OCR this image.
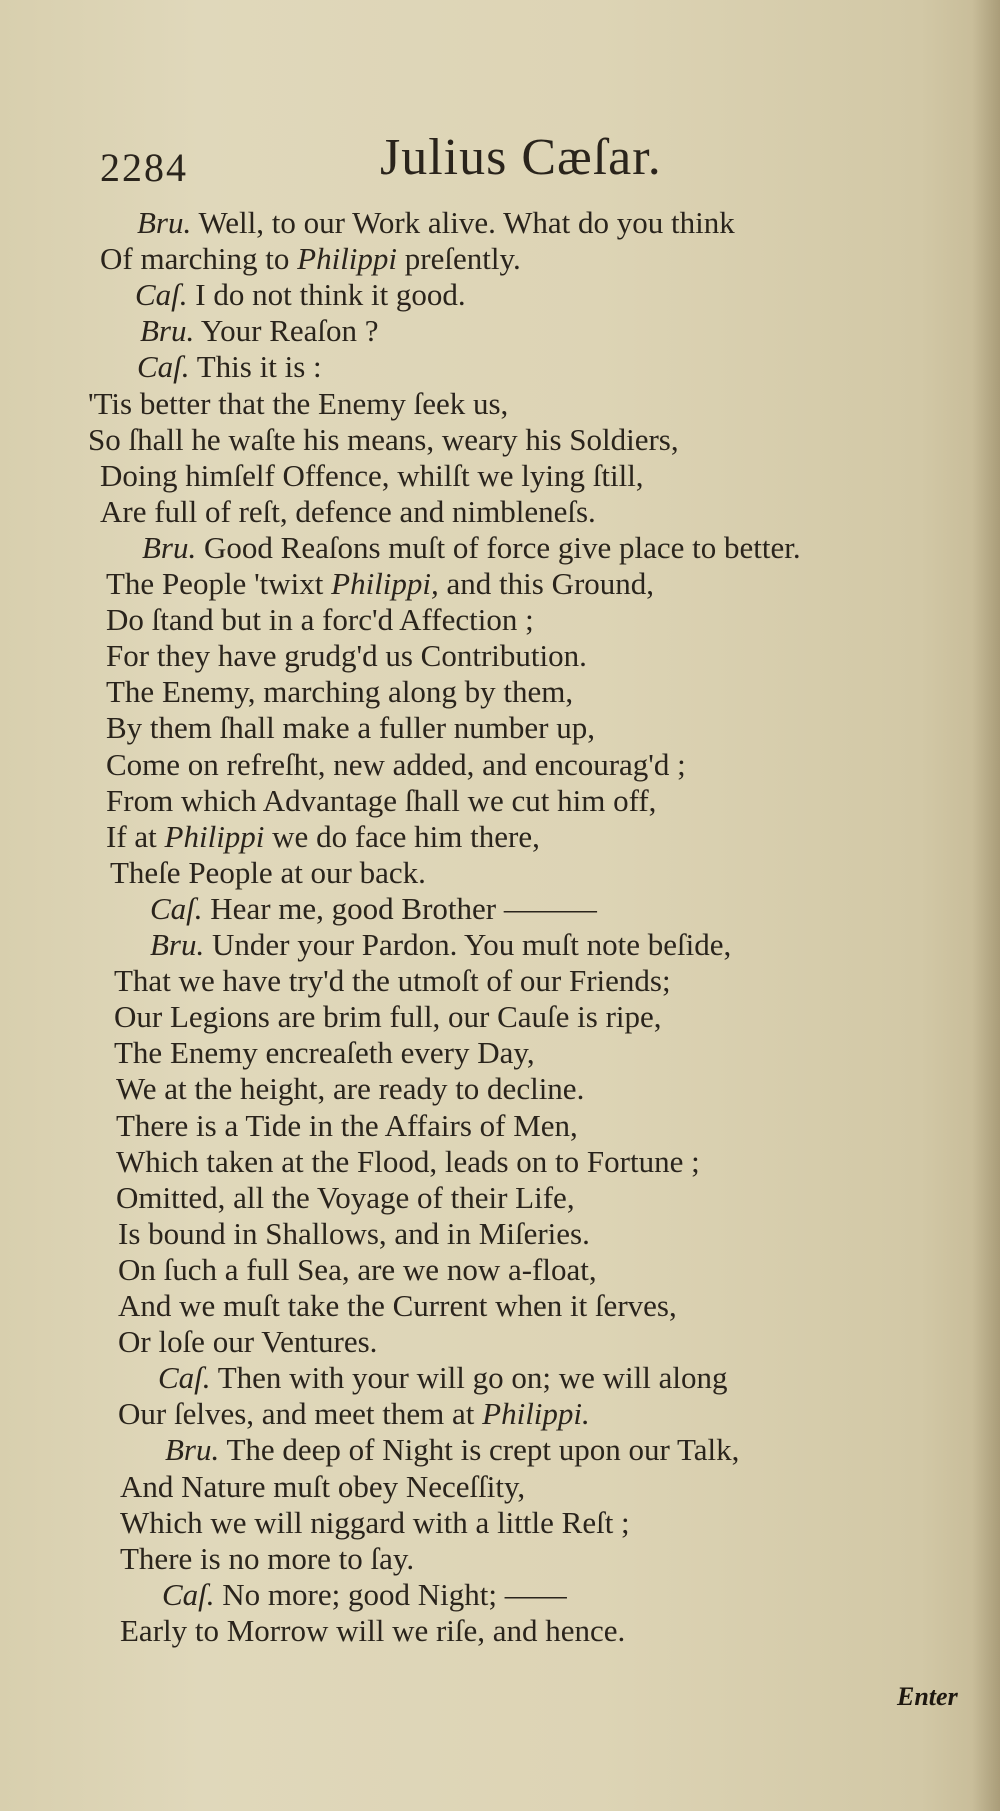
2284	Julius Cæſar.
Bru. Well, to our Work alive. What do you think
Of marching to Philippi preſently.
Caſ. I do not think it good.
Bru. Your Reaſon ?
Caſ. This it is :
'Tis better that the Enemy ſeek us,
So ſhall he waſte his means, weary his Soldiers,
Doing himſelf Offence, whilſt we lying ſtill,
Are full of reſt, defence and nimbleneſs.
Bru. Good Reaſons muſt of force give place to better.
The People 'twixt Philippi, and this Ground,
Do ſtand but in a forc'd Affection ;
For they have grudg'd us Contribution.
The Enemy, marching along by them,
By them ſhall make a fuller number up,
Come on refreſht, new added, and encourag'd ;
From which Advantage ſhall we cut him off,
If at Philippi we do face him there,
Theſe People at our back.
Caſ. Hear me, good Brother ———
Bru. Under your Pardon. You muſt note beſide,
That we have try'd the utmoſt of our Friends;
Our Legions are brim full, our Cauſe is ripe,
The Enemy encreaſeth every Day,
We at the height, are ready to decline.
There is a Tide in the Affairs of Men,
Which taken at the Flood, leads on to Fortune ;
Omitted, all the Voyage of their Life,
Is bound in Shallows, and in Miſeries.
On ſuch a full Sea, are we now a-float,
And we muſt take the Current when it ſerves,
Or loſe our Ventures.
Caſ. Then with your will go on; we will along
Our ſelves, and meet them at Philippi.
Bru. The deep of Night is crept upon our Talk,
And Nature muſt obey Neceſſity,
Which we will niggard with a little Reſt ;
There is no more to ſay.
Caſ. No more; good Night; ——
Early to Morrow will we riſe, and hence.
Enter
